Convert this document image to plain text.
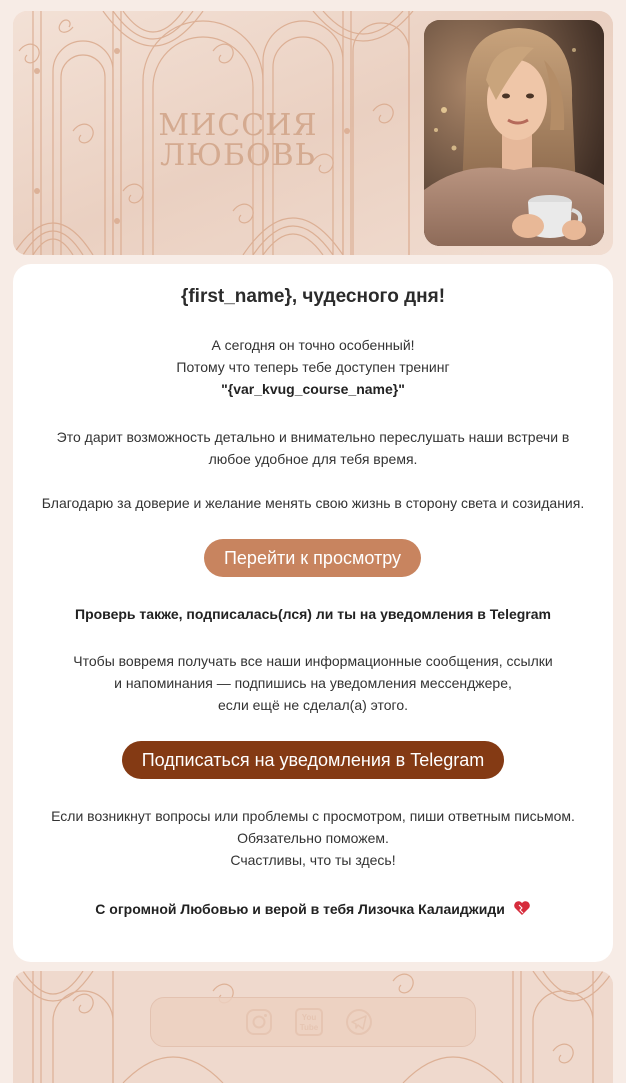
МИССИЯ
ЛЮБОВЬ
{first_name}, чудесного дня!
А сегодня он точно особенный!
Потому что теперь тебе доступен тренинг
"{var_kvug_course_name}"
Это дарит возможность детально и внимательно переслушать наши встречи в
любое удобное для тебя время.
Благодарю за доверие и желание менять свою жизнь в сторону света и созидания.
Перейти к просмотру
Проверь также, подписалась(лся) ли ты на уведомления в Telegram
Чтобы вовремя получать все наши информационные сообщения, ссылки
и напоминания — подпишись на уведомления мессенджере,
если ещё не сделал(а) этого.
Подписаться на уведомления в Telegram
Если возникнут вопросы или проблемы с просмотром, пиши ответным письмом.
Обязательно поможем.
Счастливы, что ты здесь!
С огромной Любовью и верой в тебя Лизочка Калаиджиди
You
Tube
